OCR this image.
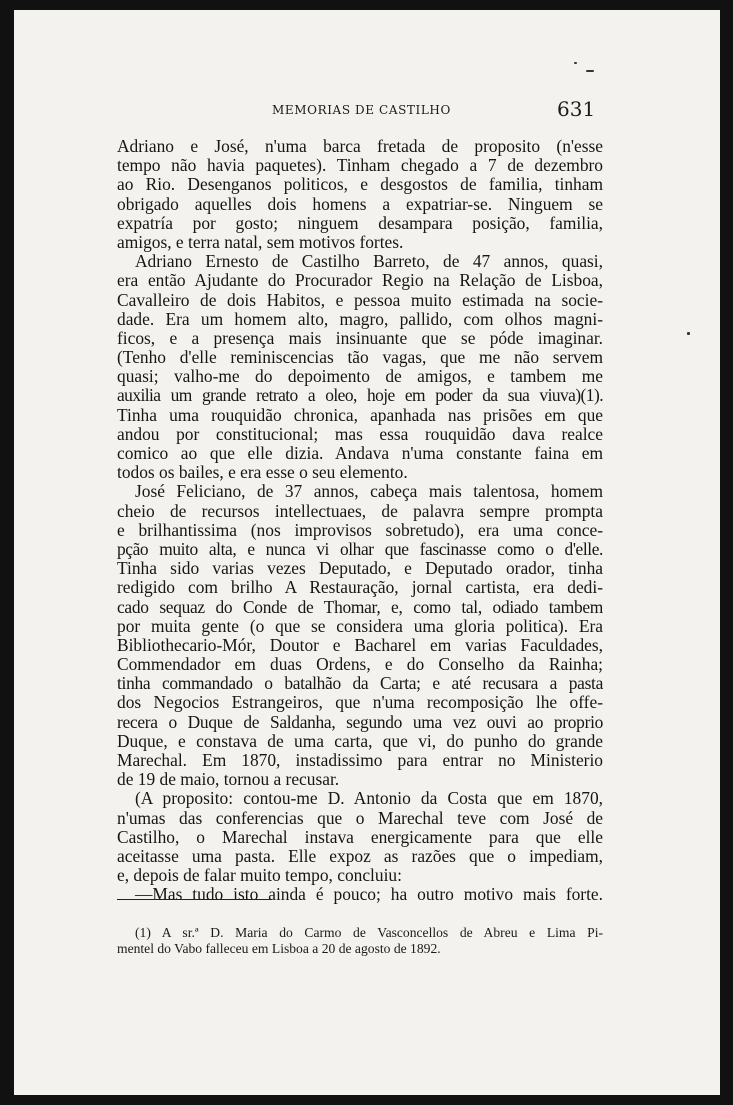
MEMORIAS DE CASTILHO	631
Adriano e José, n'uma barca fretada de proposito (n'esse
tempo não havia paquetes). Tinham chegado a 7 de dezembro
ao Rio. Desenganos politicos, e desgostos de familia, tinham
obrigado aquelles dois homens a expatriar-se. Ninguem se
expatría por gosto; ninguem desampara posição, familia,
amigos, e terra natal, sem motivos fortes.
Adriano Ernesto de Castilho Barreto, de 47 annos, quasi,
era então Ajudante do Procurador Regio na Relação de Lisboa,
Cavalleiro de dois Habitos, e pessoa muito estimada na socie-
dade. Era um homem alto, magro, pallido, com olhos magni-
ficos, e a presença mais insinuante que se póde imaginar.
(Tenho d'elle reminiscencias tão vagas, que me não servem
quasi; valho-me do depoimento de amigos, e tambem me
auxilia um grande retrato a oleo, hoje em poder da sua viuva)(1).
Tinha uma rouquidão chronica, apanhada nas prisões em que
andou por constitucional; mas essa rouquidão dava realce
comico ao que elle dizia. Andava n'uma constante faina em
todos os bailes, e era esse o seu elemento.
José Feliciano, de 37 annos, cabeça mais talentosa, homem
cheio de recursos intellectuaes, de palavra sempre prompta
e brilhantissima (nos improvisos sobretudo), era uma conce-
pção muito alta, e nunca vi olhar que fascinasse como o d'elle.
Tinha sido varias vezes Deputado, e Deputado orador, tinha
redigido com brilho A Restauração, jornal cartista, era dedi-
cado sequaz do Conde de Thomar, e, como tal, odiado tambem
por muita gente (o que se considera uma gloria politica). Era
Bibliothecario-Mór, Doutor e Bacharel em varias Faculdades,
Commendador em duas Ordens, e do Conselho da Rainha;
tinha commandado o batalhão da Carta; e até recusara a pasta
dos Negocios Estrangeiros, que n'uma recomposição lhe offe-
recera o Duque de Saldanha, segundo uma vez ouvi ao proprio
Duque, e constava de uma carta, que vi, do punho do grande
Marechal. Em 1870, instadissimo para entrar no Ministerio
de 19 de maio, tornou a recusar.
(A proposito: contou-me D. Antonio da Costa que em 1870,
n'umas das conferencias que o Marechal teve com José de
Castilho, o Marechal instava energicamente para que elle
aceitasse uma pasta. Elle expoz as razões que o impediam,
e, depois de falar muito tempo, concluiu:
—Mas tudo isto ainda é pouco; ha outro motivo mais forte.
(1) A sr.ª D. Maria do Carmo de Vasconcellos de Abreu e Lima Pi-
mentel do Vabo falleceu em Lisboa a 20 de agosto de 1892.
